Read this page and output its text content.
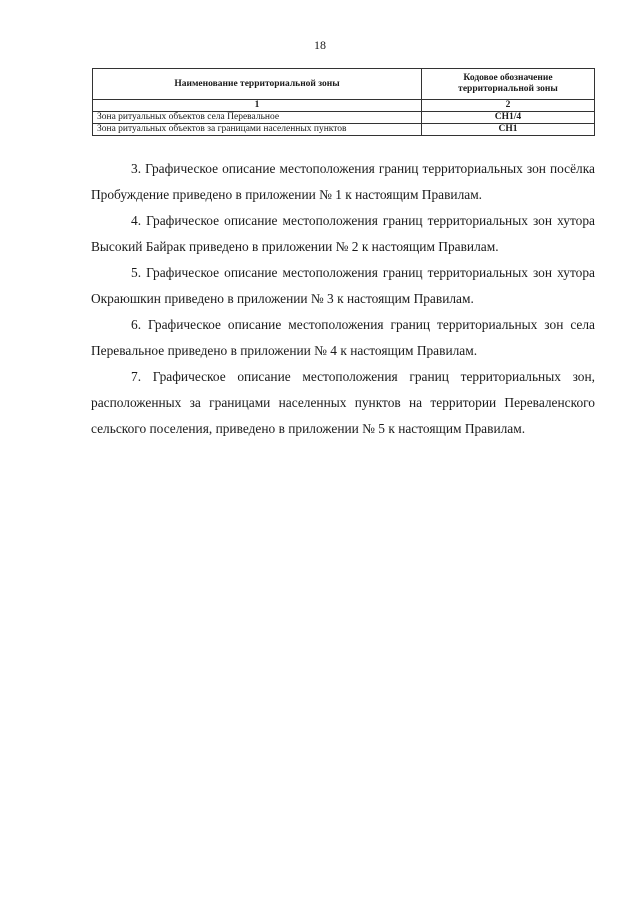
18
Наименование территориальной зоны	Кодовое обозначение территориальной зоны
1	2
Зона ритуальных объектов села Перевальное	СН1/4
Зона ритуальных объектов за границами населенных пунктов	СН1

3. Графическое описание местоположения границ территориальных зон посёлка Пробуждение приведено в приложении № 1 к настоящим Правилам.

4. Графическое описание местоположения границ территориальных зон хутора Высокий Байрак приведено в приложении № 2 к настоящим Правилам.

5. Графическое описание местоположения границ территориальных зон хутора Окраюшкин приведено в приложении № 3 к настоящим Правилам.

6. Графическое описание местоположения границ территориальных зон села Перевальное приведено в приложении № 4 к настоящим Правилам.

7. Графическое описание местоположения границ территориальных зон, расположенных за границами населенных пунктов на территории Переваленского сельского поселения, приведено в приложении № 5 к настоящим Правилам.
